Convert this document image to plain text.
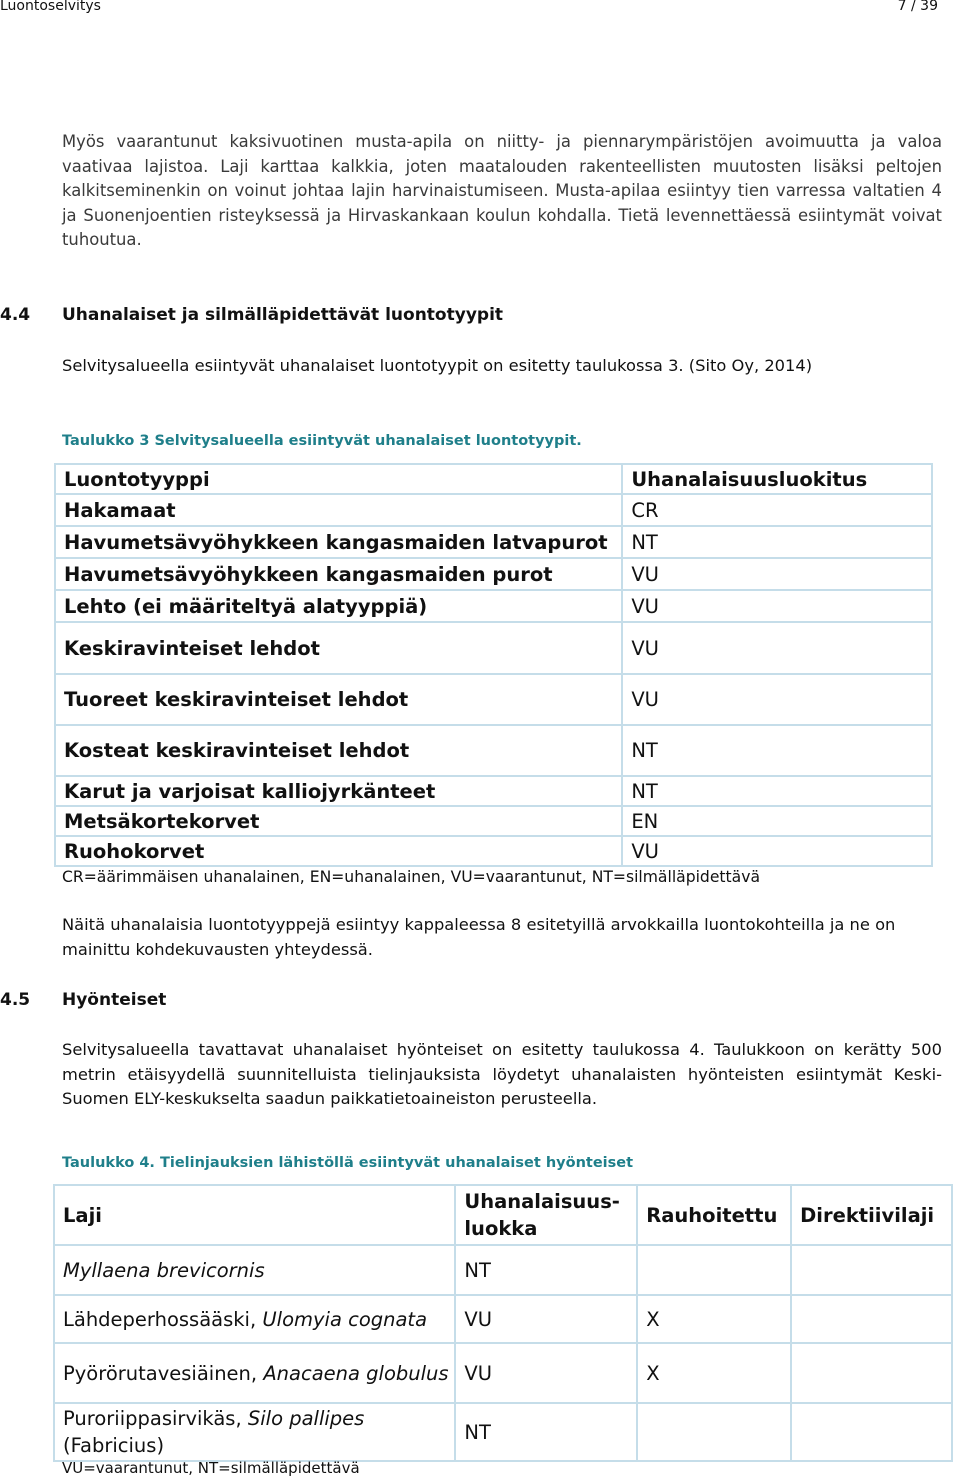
Luontoselvitys	7 / 39

Myös vaarantunut kaksivuotinen musta-apila on niitty- ja piennarympäristöjen avoimuutta ja valoa vaativaa lajistoa. Laji karttaa kalkkia, joten maatalouden rakenteellisten muutosten lisäksi peltojen kalkitseminenkin on voinut johtaa lajin harvinaistumiseen. Musta-apilaa esiintyy tien varressa valtatien 4 ja Suonenjoentien risteyksessä ja Hirvaskankaan koulun kohdalla. Tietä levennettäessä esiintymät voivat tuhoutua.

4.4 Uhanalaiset ja silmälläpidettävät luontotyypit

Selvitysalueella esiintyvät uhanalaiset luontotyypit on esitetty taulukossa 3. (Sito Oy, 2014)

Taulukko 3 Selvitysalueella esiintyvät uhanalaiset luontotyypit.
Luontotyyppi	Uhanalaisuusluokitus
Hakamaat	CR
Havumetsävyöhykkeen kangasmaiden latvapurot	NT
Havumetsävyöhykkeen kangasmaiden purot	VU
Lehto (ei määriteltyä alatyyppiä)	VU
Keskiravinteiset lehdot	VU
Tuoreet keskiravinteiset lehdot	VU
Kosteat keskiravinteiset lehdot	NT
Karut ja varjoisat kalliojyrkänteet	NT
Metsäkortekorvet	EN
Ruohokorvet	VU
CR=äärimmäisen uhanalainen, EN=uhanalainen, VU=vaarantunut, NT=silmälläpidettävä

Näitä uhanalaisia luontotyyppejä esiintyy kappaleessa 8 esitetyillä arvokkailla luontokohteilla ja ne on mainittu kohdekuvausten yhteydessä.

4.5 Hyönteiset

Selvitysalueella tavattavat uhanalaiset hyönteiset on esitetty taulukossa 4. Taulukkoon on kerätty 500 metrin etäisyydellä suunnitelluista tielinjauksista löydetyt uhanalaisten hyönteisten esiintymät Keski-Suomen ELY-keskukselta saadun paikkatietoaineiston perusteella.

Taulukko 4. Tielinjauksien lähistöllä esiintyvät uhanalaiset hyönteiset
Laji	Uhanalaisuus-luokka	Rauhoitettu	Direktiivilaji
Myllaena brevicornis	NT		
Lähdeperhossääski, Ulomyia cognata	VU	X	
Pyörörutavesiäinen, Anacaena globulus	VU	X	
Puroriippasirvikäs, Silo pallipes (Fabricius)	NT		
VU=vaarantunut, NT=silmälläpidettävä
